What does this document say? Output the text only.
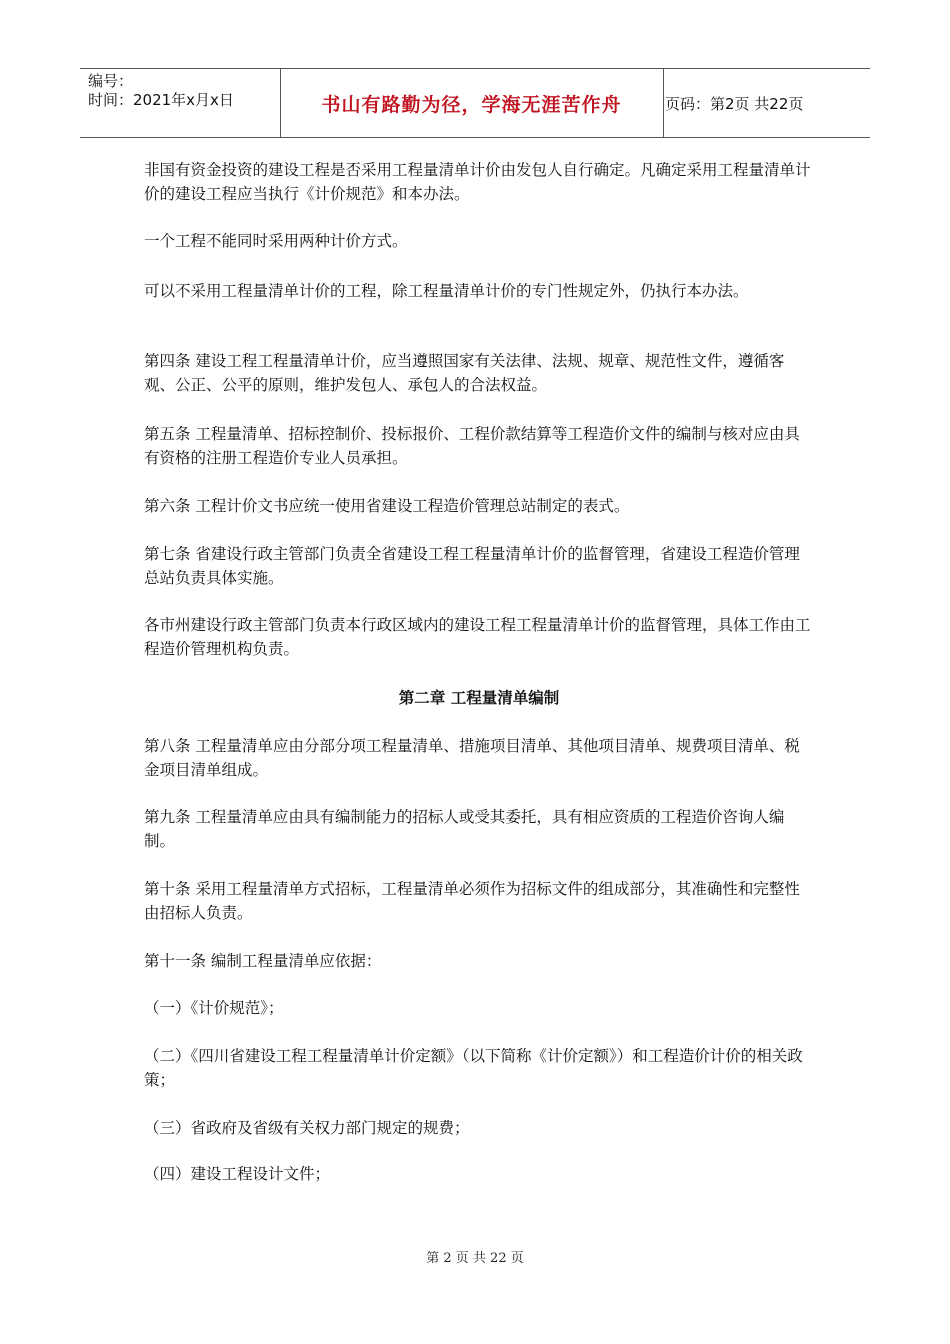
编号：
时间：2021年x月x日	书山有路勤为径，学海无涯苦作舟	页码：第2页 共22页

非国有资金投资的建设工程是否采用工程量清单计价由发包人自行确定。凡确定采用工程量清单计价的建设工程应当执行《计价规范》和本办法。

一个工程不能同时采用两种计价方式。

可以不采用工程量清单计价的工程，除工程量清单计价的专门性规定外，仍执行本办法。

第四条 建设工程工程量清单计价，应当遵照国家有关法律、法规、规章、规范性文件，遵循客观、公正、公平的原则，维护发包人、承包人的合法权益。

第五条 工程量清单、招标控制价、投标报价、工程价款结算等工程造价文件的编制与核对应由具有资格的注册工程造价专业人员承担。

第六条 工程计价文书应统一使用省建设工程造价管理总站制定的表式。

第七条 省建设行政主管部门负责全省建设工程工程量清单计价的监督管理，省建设工程造价管理总站负责具体实施。

各市州建设行政主管部门负责本行政区域内的建设工程工程量清单计价的监督管理，具体工作由工程造价管理机构负责。

第二章 工程量清单编制

第八条 工程量清单应由分部分项工程量清单、措施项目清单、其他项目清单、规费项目清单、税金项目清单组成。

第九条 工程量清单应由具有编制能力的招标人或受其委托，具有相应资质的工程造价咨询人编制。

第十条 采用工程量清单方式招标，工程量清单必须作为招标文件的组成部分，其准确性和完整性由招标人负责。

第十一条 编制工程量清单应依据：

（一）《计价规范》；

（二）《四川省建设工程工程量清单计价定额》（以下简称《计价定额》）和工程造价计价的相关政策；

（三）省政府及省级有关权力部门规定的规费；

（四）建设工程设计文件；

第 2 页 共 22 页
